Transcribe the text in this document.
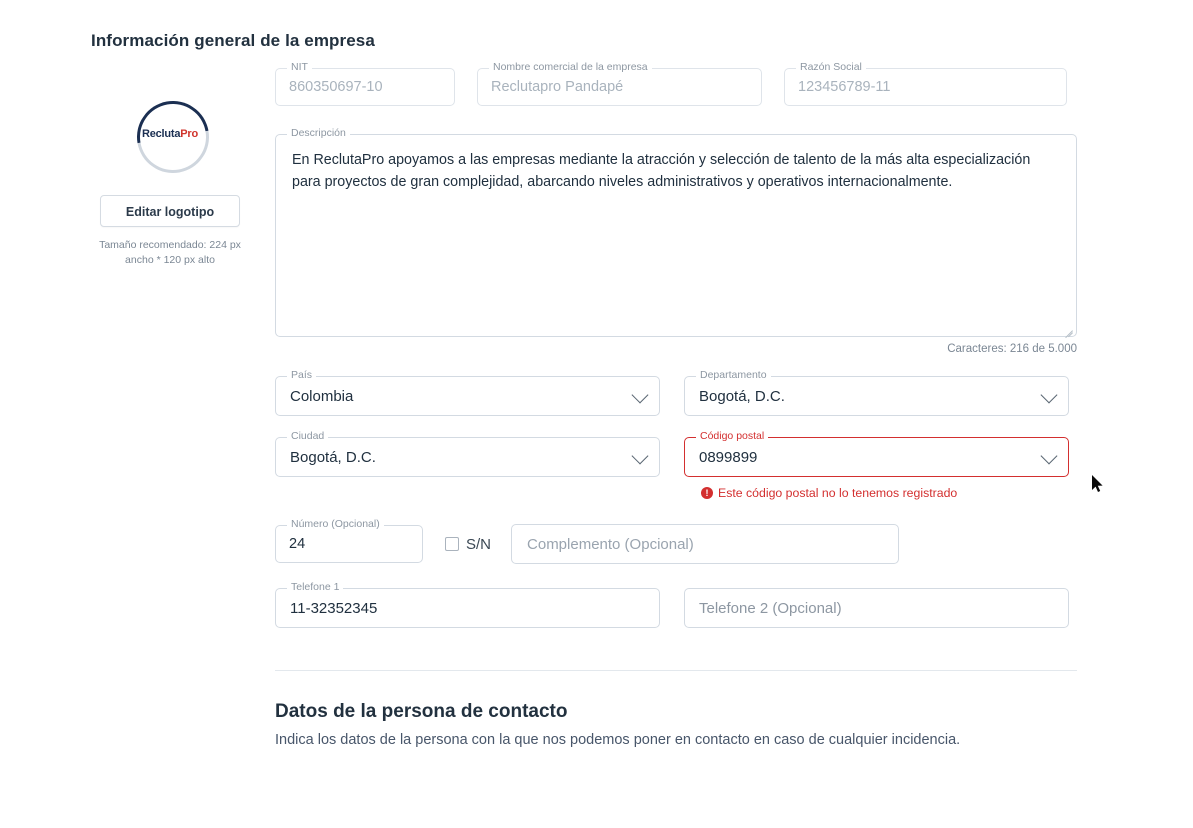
Información general de la empresa
ReclutaPro
Editar logotipo
Tamaño recomendado: 224 px ancho * 120 px alto
NIT
860350697-10
Nombre comercial de la empresa
Reclutapro Pandapé
Razón Social
123456789-11
Descripción
En ReclutaPro apoyamos a las empresas mediante la atracción y selección de talento de la más alta especialización para proyectos de gran complejidad, abarcando niveles administrativos y operativos internacionalmente.
Caracteres: 216 de 5.000
País
Colombia
Departamento
Bogotá, D.C.
Ciudad
Bogotá, D.C.
Código postal
0899899
! Este código postal no lo tenemos registrado
Número (Opcional)
24	S/N Complemento (Opcional)
Telefone 1
11-32352345	Telefone 2 (Opcional)
Datos de la persona de contacto
Indica los datos de la persona con la que nos podemos poner en contacto en caso de cualquier incidencia.
